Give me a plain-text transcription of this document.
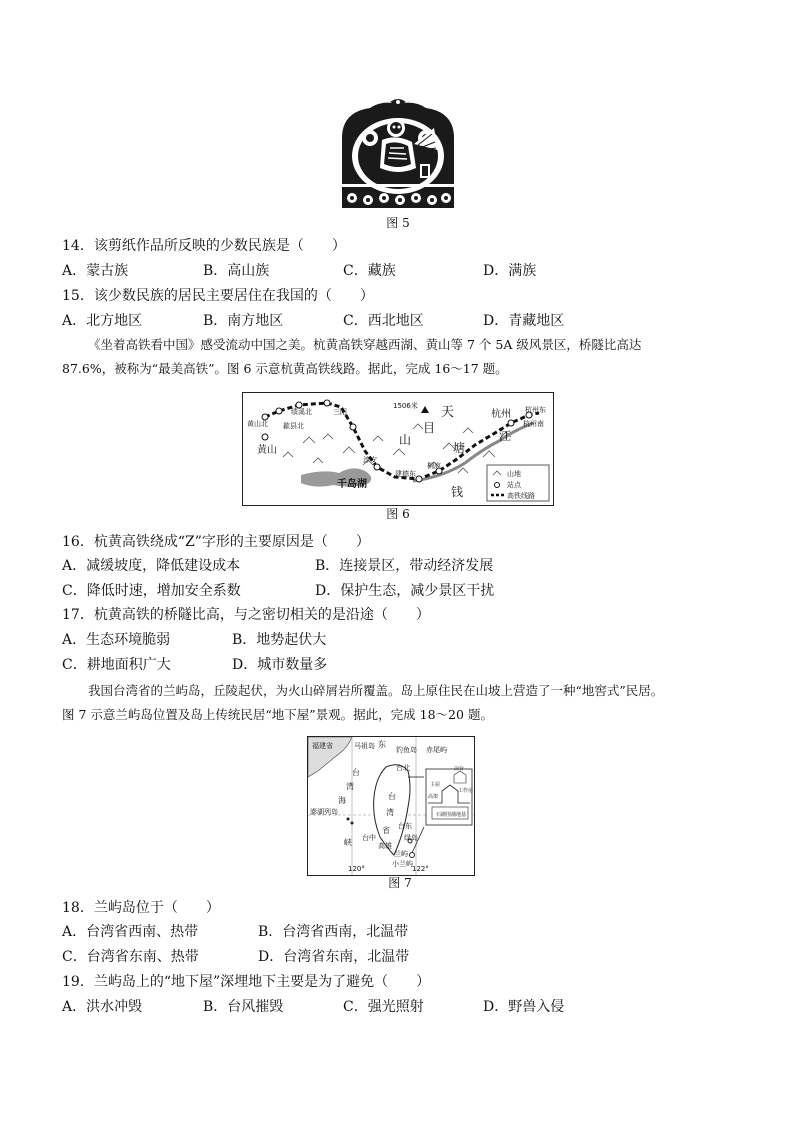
图 5
14．该剪纸作品所反映的少数民族是（　　）
A．蒙古族	B．高山族	C．藏族	D．满族
15．该少数民族的居民主要居住在我国的（　　）
A．北方地区	B．南方地区	C．西北地区	D．青藏地区
《坐着高铁看中国》感受流动中国之美。杭黄高铁穿越西湖、黄山等 7 个 5A 级风景区，桥隧比高达
87.6%，被称为“最美高铁”。图 6 示意杭黄高铁线路。据此，完成 16～17 题。
黄山北 歙县北
绩溪北
黄山
三阳
1506米 天
目
山
杭州 杭州东
杭州南
江
塘
钱
淳安
建德东
桐庐
千岛湖
山地
站点
高铁线路
图 6
16．杭黄高铁绕成“Z”字形的主要原因是（　　）
A．减缓坡度，降低建设成本	B．连接景区，带动经济发展
C．降低时速，增加安全系数	D．保护生态，减少景区干扰
17．杭黄高铁的桥隧比高，与之密切相关的是沿途（　　）
A．生态环境脆弱	B．地势起伏大
C．耕地面积广大	D．城市数量多
我国台湾省的兰屿岛，丘陵起伏，为火山碎屑岩所覆盖。岛上原住民在山坡上营造了一种“地窖式”民居。
图 7 示意兰屿岛位置及岛上传统民居“地下屋”景观。据此，完成 18～20 题。
福建省	马祖岛 东
钓鱼岛 赤尾屿
台
湾
海
峡
澎湖列岛
台
湾
省
台北
台中
高雄
台东
绿岛
兰屿
小兰屿
120°	122°
主屋
凉台
工作房
高架
石砌围墙地基
图 7
18．兰屿岛位于（　　）
A．台湾省西南、热带	B．台湾省西南，北温带
C．台湾省东南、热带	D．台湾省东南，北温带
19．兰屿岛上的“地下屋”深埋地下主要是为了避免（　　）
A．洪水冲毁	B．台风摧毁	C．强光照射	D．野兽入侵
